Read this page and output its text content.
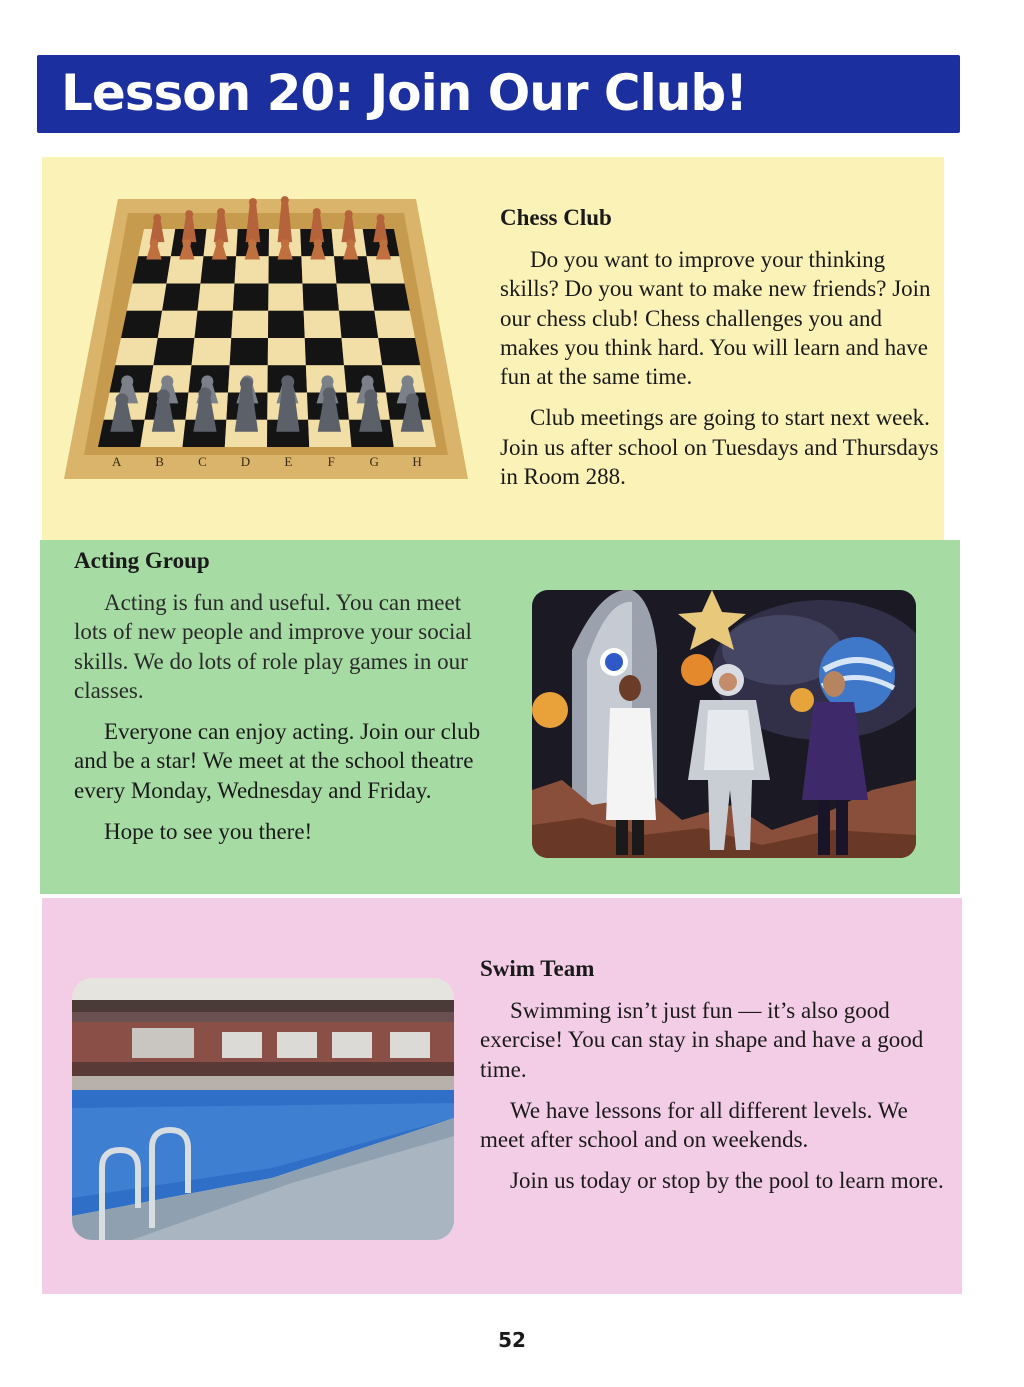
Lesson 20: Join Our Club!
A	B	C	D	E	F	G	H
Chess Club

Do you want to improve your thinking skills? Do you want to make new friends? Join our chess club! Chess challenges you and makes you think hard. You will learn and have fun at the same time.

Club meetings are going to start next week. Join us after school on Tuesdays and Thursdays in Room 288.

Acting Group

Acting is fun and useful. You can meet lots of new people and improve your social skills. We do lots of role play games in our classes.

Everyone can enjoy acting. Join our club and be a star! We meet at the school theatre every Monday, Wednesday and Friday.

Hope to see you there!

Swim Team

Swimming isn’t just fun — it’s also good exercise! You can stay in shape and have a good time.

We have lessons for all different levels. We meet after school and on weekends.

Join us today or stop by the pool to learn more.

52
